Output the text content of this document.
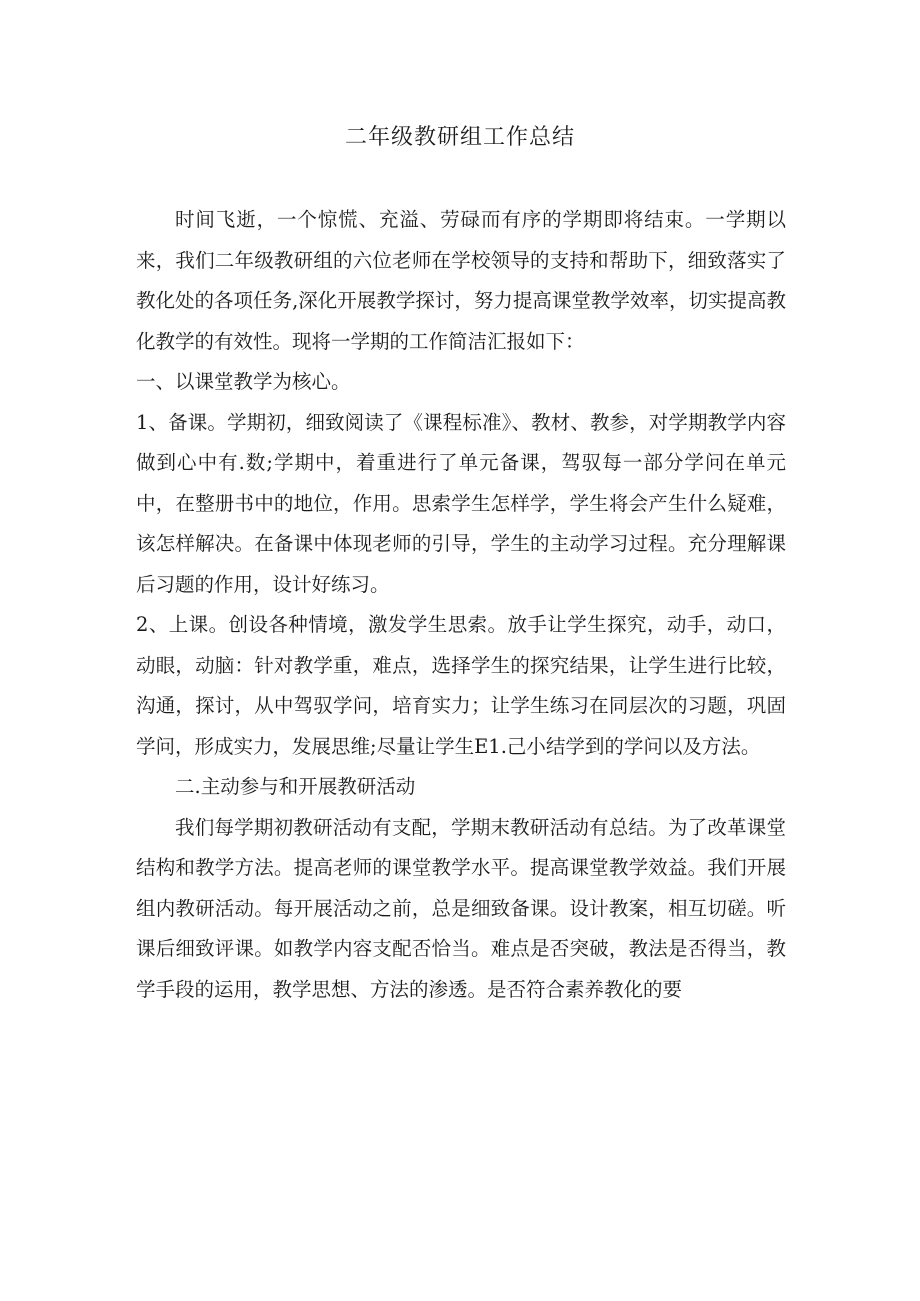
二年级教研组工作总结

时间飞逝，一个惊慌、充溢、劳碌而有序的学期即将结束。一学期以来，我们二年级教研组的六位老师在学校领导的支持和帮助下，细致落实了教化处的各项任务,深化开展教学探讨，努力提高课堂教学效率，切实提高教化教学的有效性。现将一学期的工作简洁汇报如下：

一、以课堂教学为核心。

1、备课。学期初，细致阅读了《课程标准》、教材、教参，对学期教学内容做到心中有.数;学期中，着重进行了单元备课，驾驭每一部分学问在单元中，在整册书中的地位，作用。思索学生怎样学，学生将会产生什么疑难，该怎样解决。在备课中体现老师的引导，学生的主动学习过程。充分理解课后习题的作用，设计好练习。

2、上课。创设各种情境，激发学生思索。放手让学生探究，动手，动口，动眼，动脑：针对教学重，难点，选择学生的探究结果，让学生进行比较，沟通，探讨，从中驾驭学问，培育实力；让学生练习在同层次的习题，巩固学问，形成实力，发展思维;尽量让学生E1.己小结学到的学问以及方法。

二.主动参与和开展教研活动

我们每学期初教研活动有支配，学期末教研活动有总结。为了改革课堂结构和教学方法。提高老师的课堂教学水平。提高课堂教学效益。我们开展组内教研活动。每开展活动之前，总是细致备课。设计教案，相互切磋。听课后细致评课。如教学内容支配否恰当。难点是否突破，教法是否得当，教学手段的运用，教学思想、方法的渗透。是否符合素养教化的要
